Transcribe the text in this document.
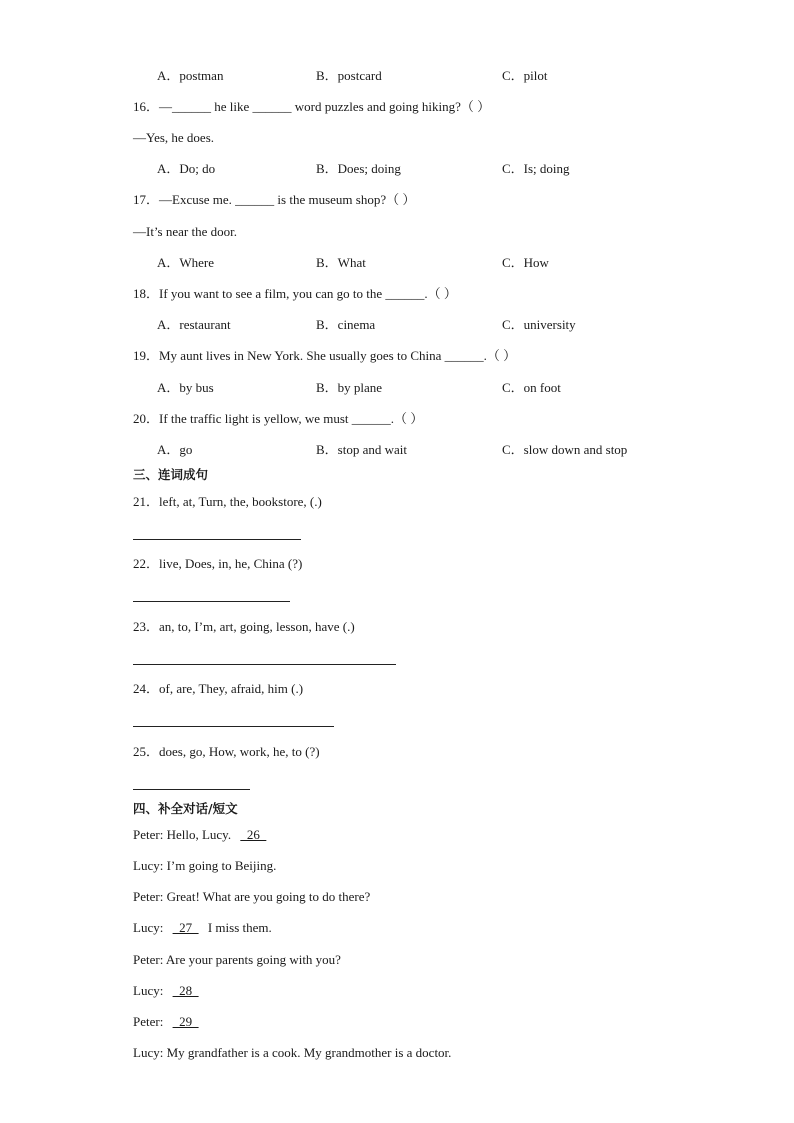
A．postman	B．postcard	C．pilot
16．—______ he like ______ word puzzles and going hiking?（ ）
—Yes, he does.
A．Do; do	B．Does; doing	C．Is; doing
17．—Excuse me. ______ is the museum shop?（ ）
—It’s near the door.
A．Where	B．What	C．How
18．If you want to see a film, you can go to the ______.（ ）
A．restaurant	B．cinema	C．university
19．My aunt lives in New York. She usually goes to China ______.（ ）
A．by bus	B．by plane	C．on foot
20．If the traffic light is yellow, we must ______.（ ）
A．go	B．stop and wait	C．slow down and stop
三、连词成句
21．left, at, Turn, the, bookstore, (.)
22．live, Does, in, he, China (?)
23．an, to, I’m, art, going, lesson, have (.)
24．of, are, They, afraid, him (.)
25．does, go, How, work, he, to (?)
四、补全对话/短文
Peter: Hello, Lucy.   26
Lucy: I’m going to Beijing.
Peter: Great! What are you going to do there?
Lucy:   27   I miss them.
Peter: Are your parents going with you?
Lucy:   28
Peter:   29
Lucy: My grandfather is a cook. My grandmother is a doctor.
